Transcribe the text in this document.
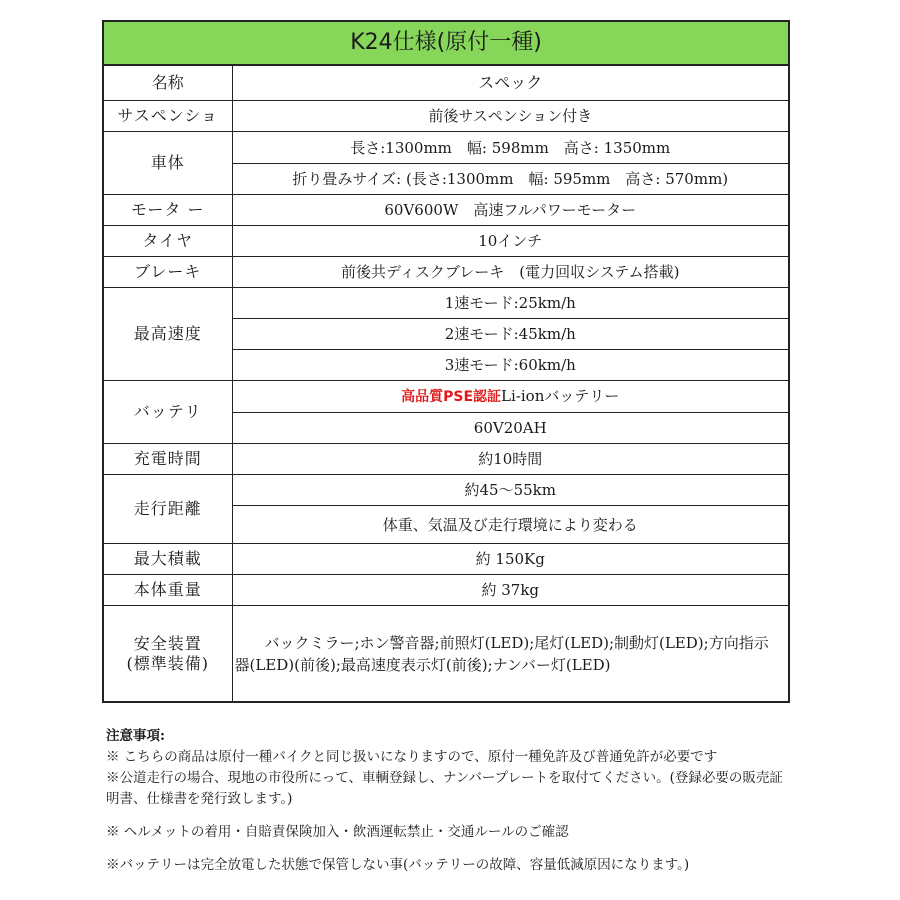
K24仕様(原付一種)	
名称	スペック
サスペンショ	前後サスペンション付き
車体	長さ:1300mm　幅: 598mm　高さ: 1350mm
	折り畳みサイズ: (長さ:1300mm　幅: 595mm　高さ: 570mm)
モータ ー	60V600W　高速フルパワーモーター
タイヤ	10インチ
ブレーキ	前後共ディスクブレーキ　(電力回収システム搭載)
最高速度	1速モード:25km/h
	2速モード:45km/h
	3速モード:60km/h
バッテリ	高品質PSE認証Li-ionバッテリー
	60V20AH
充電時間	約10時間
走行距離	約45〜55km
	体重、気温及び走行環境により変わる
最大積載	約 150Kg
本体重量	約 37kg

安全装置
(標準装備)	バックミラー;ホン警音器;前照灯(LED);尾灯(LED);制動灯(LED);方向指示器(LED)(前後);最高速度表示灯(前後);ナンバー灯(LED)
注意事項:

※ こちらの商品は原付一種バイクと同じ扱いになりますので、原付一種免許及び普通免許が必要です

※公道走行の場合、現地の市役所にって、車輌登録し、ナンバープレートを取付てください。(登録必要の販売証明書、仕様書を発行致します。)

※ ヘルメットの着用・自賠責保険加入・飲酒運転禁止・交通ルールのご確認

※バッテリーは完全放電した状態で保管しない事(バッテリーの故障、容量低減原因になります。)
